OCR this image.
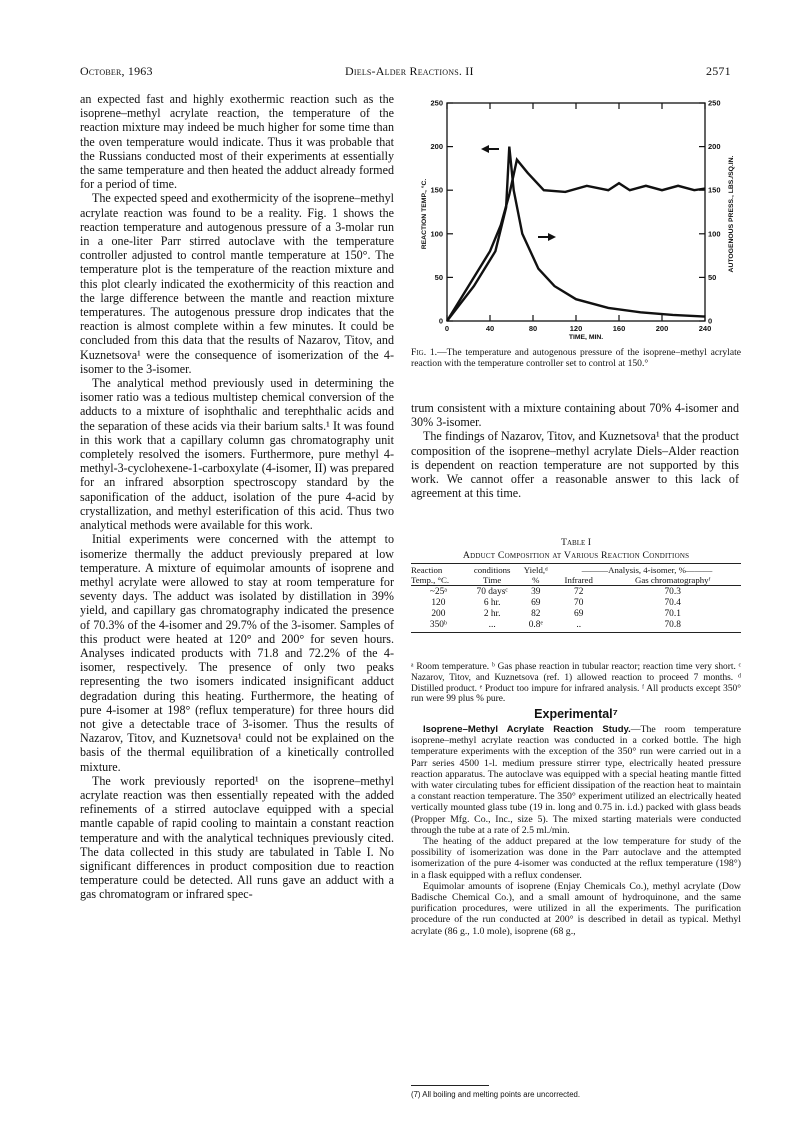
October, 1963	Diels-Alder Reactions. II	2571

an expected fast and highly exothermic reaction such as the isoprene–methyl acrylate reaction, the temperature of the reaction mixture may indeed be much higher for some time than the oven temperature would indicate. Thus it was probable that the Russians conducted most of their experiments at essentially the same temperature and then heated the adduct already formed for a period of time.

The expected speed and exothermicity of the isoprene–methyl acrylate reaction was found to be a reality. Fig. 1 shows the reaction temperature and autogenous pressure of a 3-molar run in a one-liter Parr stirred autoclave with the temperature controller adjusted to control mantle temperature at 150°. The temperature plot is the temperature of the reaction mixture and this plot clearly indicated the exothermicity of this reaction and the large difference between the mantle and reaction mixture temperatures. The autogenous pressure drop indicates that the reaction is almost complete within a few minutes. It could be concluded from this data that the results of Nazarov, Titov, and Kuznetsova¹ were the consequence of isomerization of the 4-isomer to the 3-isomer.

The analytical method previously used in determining the isomer ratio was a tedious multistep chemical conversion of the adducts to a mixture of isophthalic and terephthalic acids and the separation of these acids via their barium salts.¹ It was found in this work that a capillary column gas chromatography unit completely resolved the isomers. Furthermore, pure methyl 4-methyl-3-cyclohexene-1-carboxylate (4-isomer, II) was prepared for an infrared absorption spectroscopy standard by the saponification of the adduct, isolation of the pure 4-acid by crystallization, and methyl esterification of this acid. Thus two analytical methods were available for this work.

Initial experiments were concerned with the attempt to isomerize thermally the adduct previously prepared at low temperature. A mixture of equimolar amounts of isoprene and methyl acrylate were allowed to stay at room temperature for seventy days. The adduct was isolated by distillation in 39% yield, and capillary gas chromatography indicated the presence of 70.3% of the 4-isomer and 29.7% of the 3-isomer. Samples of this product were heated at 120° and 200° for seven hours. Analyses indicated products with 71.8 and 72.2% of the 4-isomer, respectively. The presence of only two peaks representing the two isomers indicated insignificant adduct degradation during this heating. Furthermore, the heating of pure 4-isomer at 198° (reflux temperature) for three hours did not give a detectable trace of 3-isomer. Thus the results of Nazarov, Titov, and Kuznetsova¹ could not be explained on the basis of the thermal equilibration of a kinetically controlled mixture.

The work previously reported¹ on the isoprene–methyl acrylate reaction was then essentially repeated with the added refinements of a stirred autoclave equipped with a special mantle capable of rapid cooling to maintain a constant reaction temperature and with the analytical techniques previously cited. The data collected in this study are tabulated in Table I. No significant differences in product composition due to reaction temperature could be detected. All runs gave an adduct with a gas chromatogram or infrared spec-

250
200
150
100
50
0
250
200
150
100
50
0
0	40	80	120	160	200	240
TIME, MIN.
REACTION TEMP., °C.	AUTOGENOUS PRESS., LBS./SQ.IN.
Fig. 1.—The temperature and autogenous pressure of the isoprene–methyl acrylate reaction with the temperature controller set to control at 150.°

trum consistent with a mixture containing about 70% 4-isomer and 30% 3-isomer.

The findings of Nazarov, Titov, and Kuznetsova¹ that the product composition of the isoprene–methyl acrylate Diels–Alder reaction is dependent on reaction temperature are not supported by this work. We cannot offer a reasonable answer to this lack of agreement at this time.

Table I
Adduct Composition at Various Reaction Conditions

Reaction	conditions	Yield,ᵈ	———Analysis, 4-isomer, %———	
Temp., °C.	Time	%	Infrared	Gas chromatographyᶠ

~25ᵃ	70 daysᶜ	39	72	70.3
120	6 hr.	69	70	70.4
200	2 hr.	82	69	70.1
350ᵇ	...	0.8ᵉ	..	70.8

ᵃ Room temperature. ᵇ Gas phase reaction in tubular reactor; reaction time very short. ᶜ Nazarov, Titov, and Kuznetsova (ref. 1) allowed reaction to proceed 7 months. ᵈ Distilled product. ᵉ Product too impure for infrared analysis. ᶠ All products except 350° run were 99 plus % pure.
Experimental⁷

Isoprene–Methyl Acrylate Reaction Study.—The room temperature isoprene–methyl acrylate reaction was conducted in a corked bottle. The high temperature experiments with the exception of the 350° run were carried out in a Parr series 4500 1-l. medium pressure stirrer type, electrically heated pressure reaction apparatus. The autoclave was equipped with a special heating mantle fitted with water circulating tubes for efficient dissipation of the reaction heat to maintain a constant reaction temperature. The 350° experiment utilized an electrically heated vertically mounted glass tube (19 in. long and 0.75 in. i.d.) packed with glass beads (Propper Mfg. Co., Inc., size 5). The mixed starting materials were conducted through the tube at a rate of 2.5 ml./min.

The heating of the adduct prepared at the low temperature for study of the possibility of isomerization was done in the Parr autoclave and the attempted isomerization of the pure 4-isomer was conducted at the reflux temperature (198°) in a flask equipped with a reflux condenser.

Equimolar amounts of isoprene (Enjay Chemicals Co.), methyl acrylate (Dow Badische Chemical Co.), and a small amount of hydroquinone, and the same purification procedures, were utilized in all the experiments. The purification procedure of the run conducted at 200° is described in detail as typical. Methyl acrylate (86 g., 1.0 mole), isoprene (68 g.,

(7) All boiling and melting points are uncorrected.
